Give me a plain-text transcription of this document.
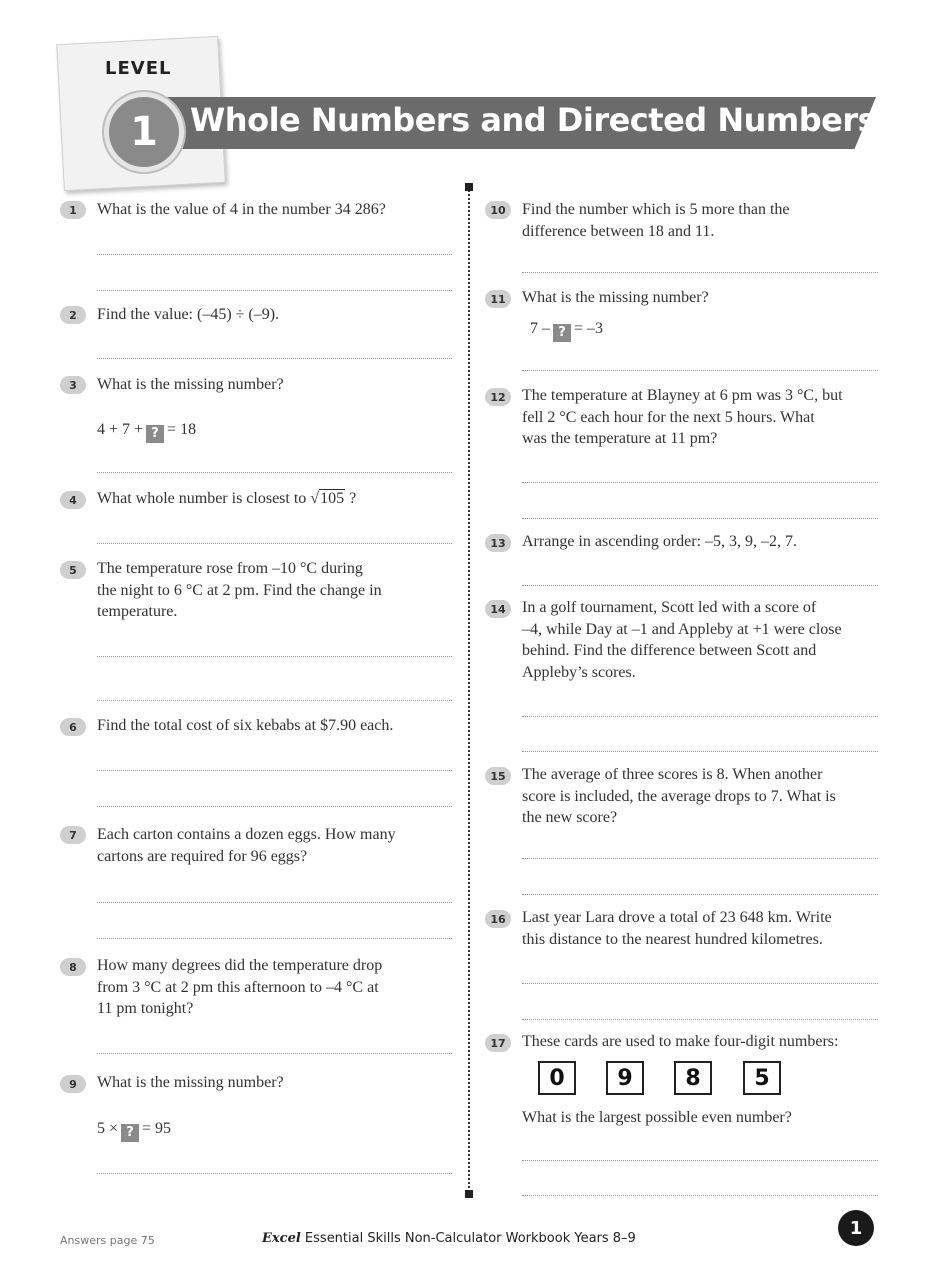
LEVEL
1	Whole Numbers and Directed Numbers
1	What is the value of 4 in the number 34 286?
2	Find the value: (–45) ÷ (–9).
3	What is the missing number?
4 + 7 + ? = 18
4	What whole number is closest to √105 ?
5	The temperature rose from –10 °C during
the night to 6 °C at 2 pm. Find the change in
temperature.
6	Find the total cost of six kebabs at $7.90 each.
7	Each carton contains a dozen eggs. How many
cartons are required for 96 eggs?
8	How many degrees did the temperature drop
from 3 °C at 2 pm this afternoon to –4 °C at
11 pm tonight?
9	What is the missing number?
5 × ? = 95
10	Find the number which is 5 more than the
difference between 18 and 11.
11	What is the missing number?
7 – ? = –3
12	The temperature at Blayney at 6 pm was 3 °C, but
fell 2 °C each hour for the next 5 hours. What
was the temperature at 11 pm?
13	Arrange in ascending order: –5, 3, 9, –2, 7.
14	In a golf tournament, Scott led with a score of
–4, while Day at –1 and Appleby at +1 were close
behind. Find the difference between Scott and
Appleby’s scores.
15	The average of three scores is 8. When another
score is included, the average drops to 7. What is
the new score?
16	Last year Lara drove a total of 23 648 km. Write
this distance to the nearest hundred kilometres.
17	These cards are used to make four-digit numbers:
0	9	8	5
What is the largest possible even number?
Answers page 75	Excel Essential Skills Non-Calculator Workbook Years 8–9	1
